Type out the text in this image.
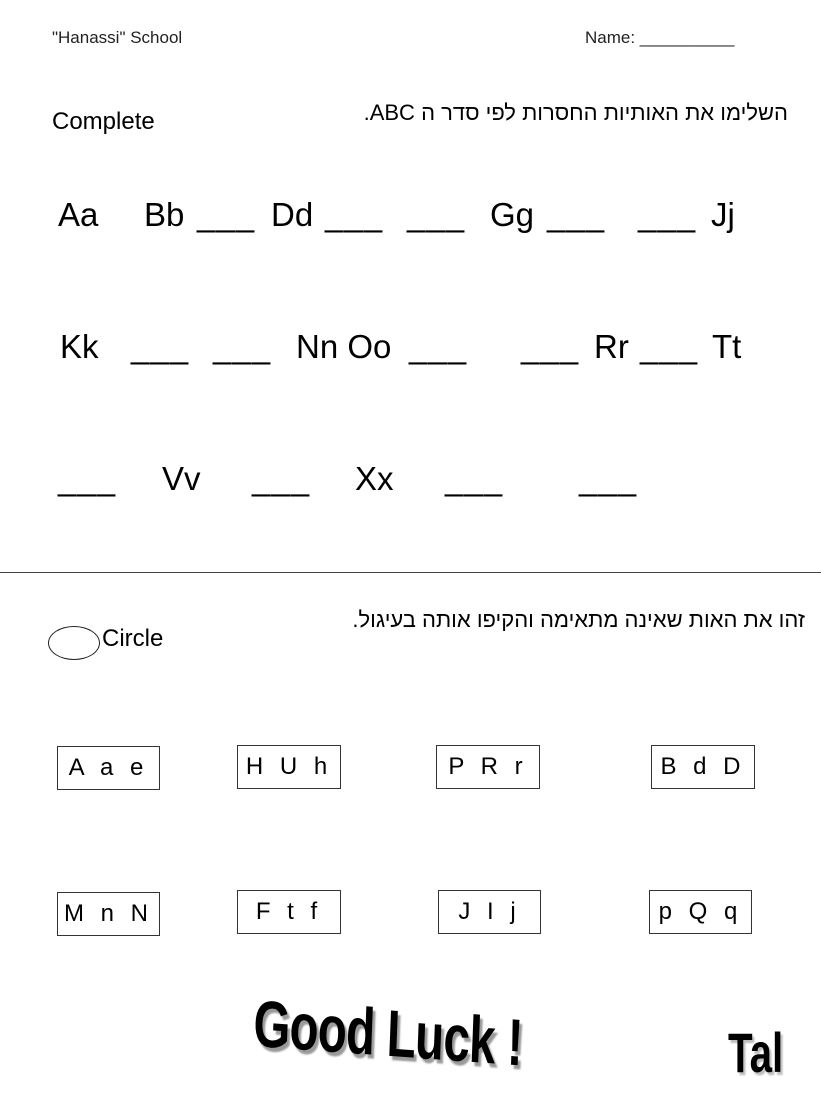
"Hanassi" School	Name: __________
Complete	השלימו את האותיות החסרות לפי סדר ה ABC.
Aa Bb ___ Dd ___ ___ Gg ___ ___ Jj
Kk ___ ___ Nn Oo ___ ___ Rr ___ Tt
___ Vv ___ Xx ___ ___
Circle
זהו את האות שאינה מתאימה והקיפו אותה בעיגול.
A a e	H U h	P R r	B d D
M n N	F t f	J I j	p Q q
Good Luck !	Tal
